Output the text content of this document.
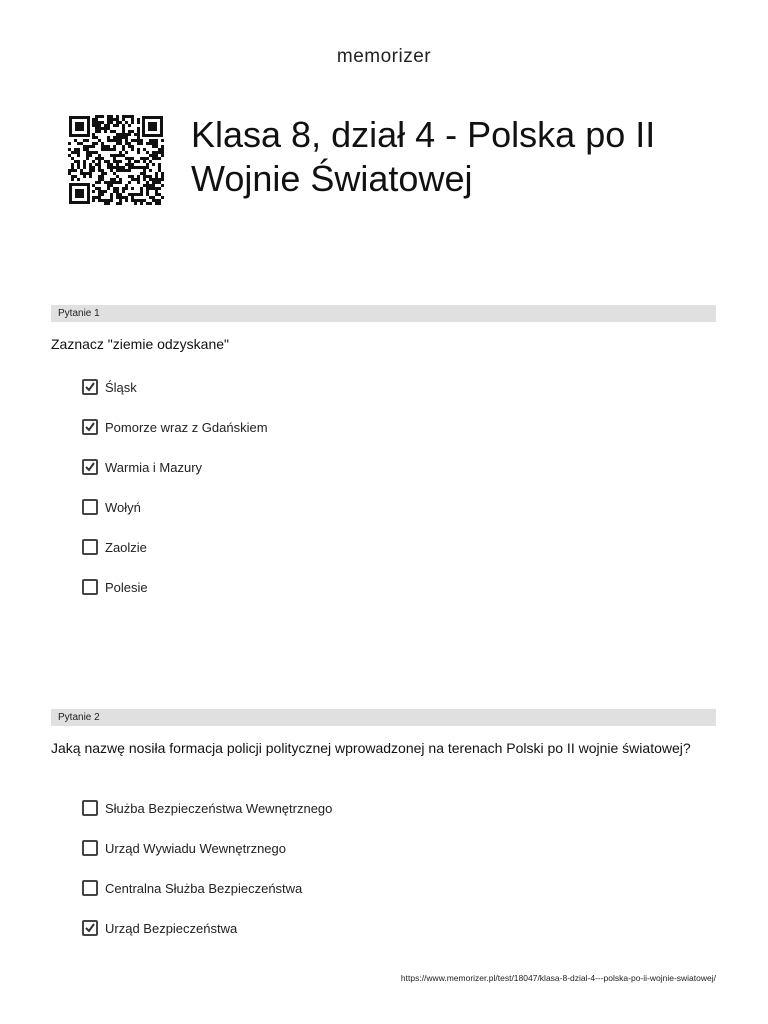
memorizer
Klasa 8, dział 4 - Polska po II Wojnie Światowej
Pytanie 1
Zaznacz "ziemie odzyskane"
Śląsk
Pomorze wraz z Gdańskiem
Warmia i Mazury
Wołyń
Zaolzie
Polesie
Pytanie 2
Jaką nazwę nosiła formacja policji politycznej wprowadzonej na terenach Polski po II wojnie światowej?
Służba Bezpieczeństwa Wewnętrznego
Urząd Wywiadu Wewnętrznego
Centralna Służba Bezpieczeństwa
Urząd Bezpieczeństwa
https://www.memorizer.pl/test/18047/klasa-8-dzial-4---polska-po-ii-wojnie-swiatowej/
